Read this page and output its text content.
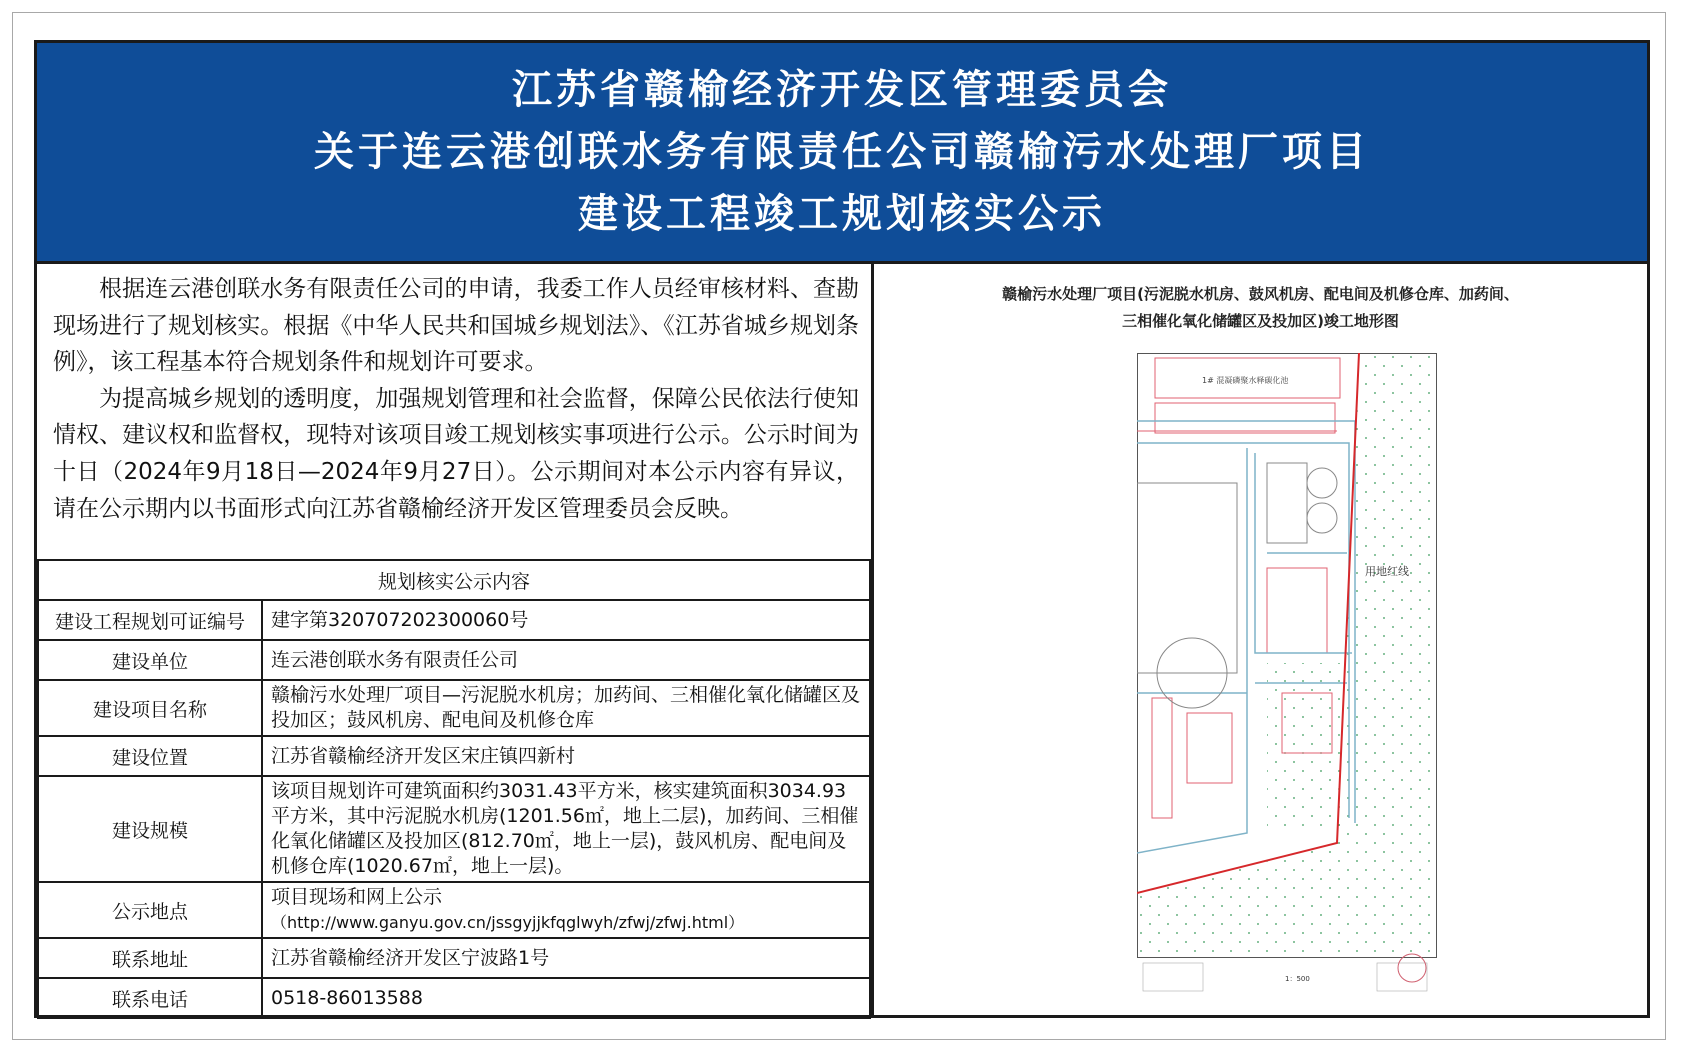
江苏省赣榆经济开发区管理委员会
关于连云港创联水务有限责任公司赣榆污水处理厂项目
建设工程竣工规划核实公示

根据连云港创联水务有限责任公司的申请，我委工作人员经审核材料、查勘现场进行了规划核实。根据《中华人民共和国城乡规划法》、《江苏省城乡规划条例》，该工程基本符合规划条件和规划许可要求。

为提高城乡规划的透明度，加强规划管理和社会监督，保障公民依法行使知情权、建议权和监督权，现特对该项目竣工规划核实事项进行公示。公示时间为十日（2024年9月18日—2024年9月27日）。公示期间对本公示内容有异议，请在公示期内以书面形式向江苏省赣榆经济开发区管理委员会反映。

规划核实公示内容	
建设工程规划可证编号	建字第320707202300060号
建设单位	连云港创联水务有限责任公司
建设项目名称	赣榆污水处理厂项目—污泥脱水机房；加药间、三相催化氧化储罐区及投加区；鼓风机房、配电间及机修仓库
建设位置	江苏省赣榆经济开发区宋庄镇四新村
建设规模	该项目规划许可建筑面积约3031.43平方米，核实建筑面积3034.93平方米，其中污泥脱水机房(1201.56㎡，地上二层)，加药间、三相催化氧化储罐区及投加区(812.70㎡，地上一层)，鼓风机房、配电间及机修仓库(1020.67㎡，地上一层)。
公示地点	项目现场和网上公示（http://www.ganyu.gov.cn/jssgyjjkfqglwyh/zfwj/zfwj.html）
联系地址	江苏省赣榆经济开发区宁波路1号
联系电话	0518-86013588
赣榆污水处理厂项目(污泥脱水机房、鼓风机房、配电间及机修仓库、加药间、
三相催化氧化储罐区及投加区)竣工地形图
1# 混凝磷聚水释碳化池
用地红线
1：500
